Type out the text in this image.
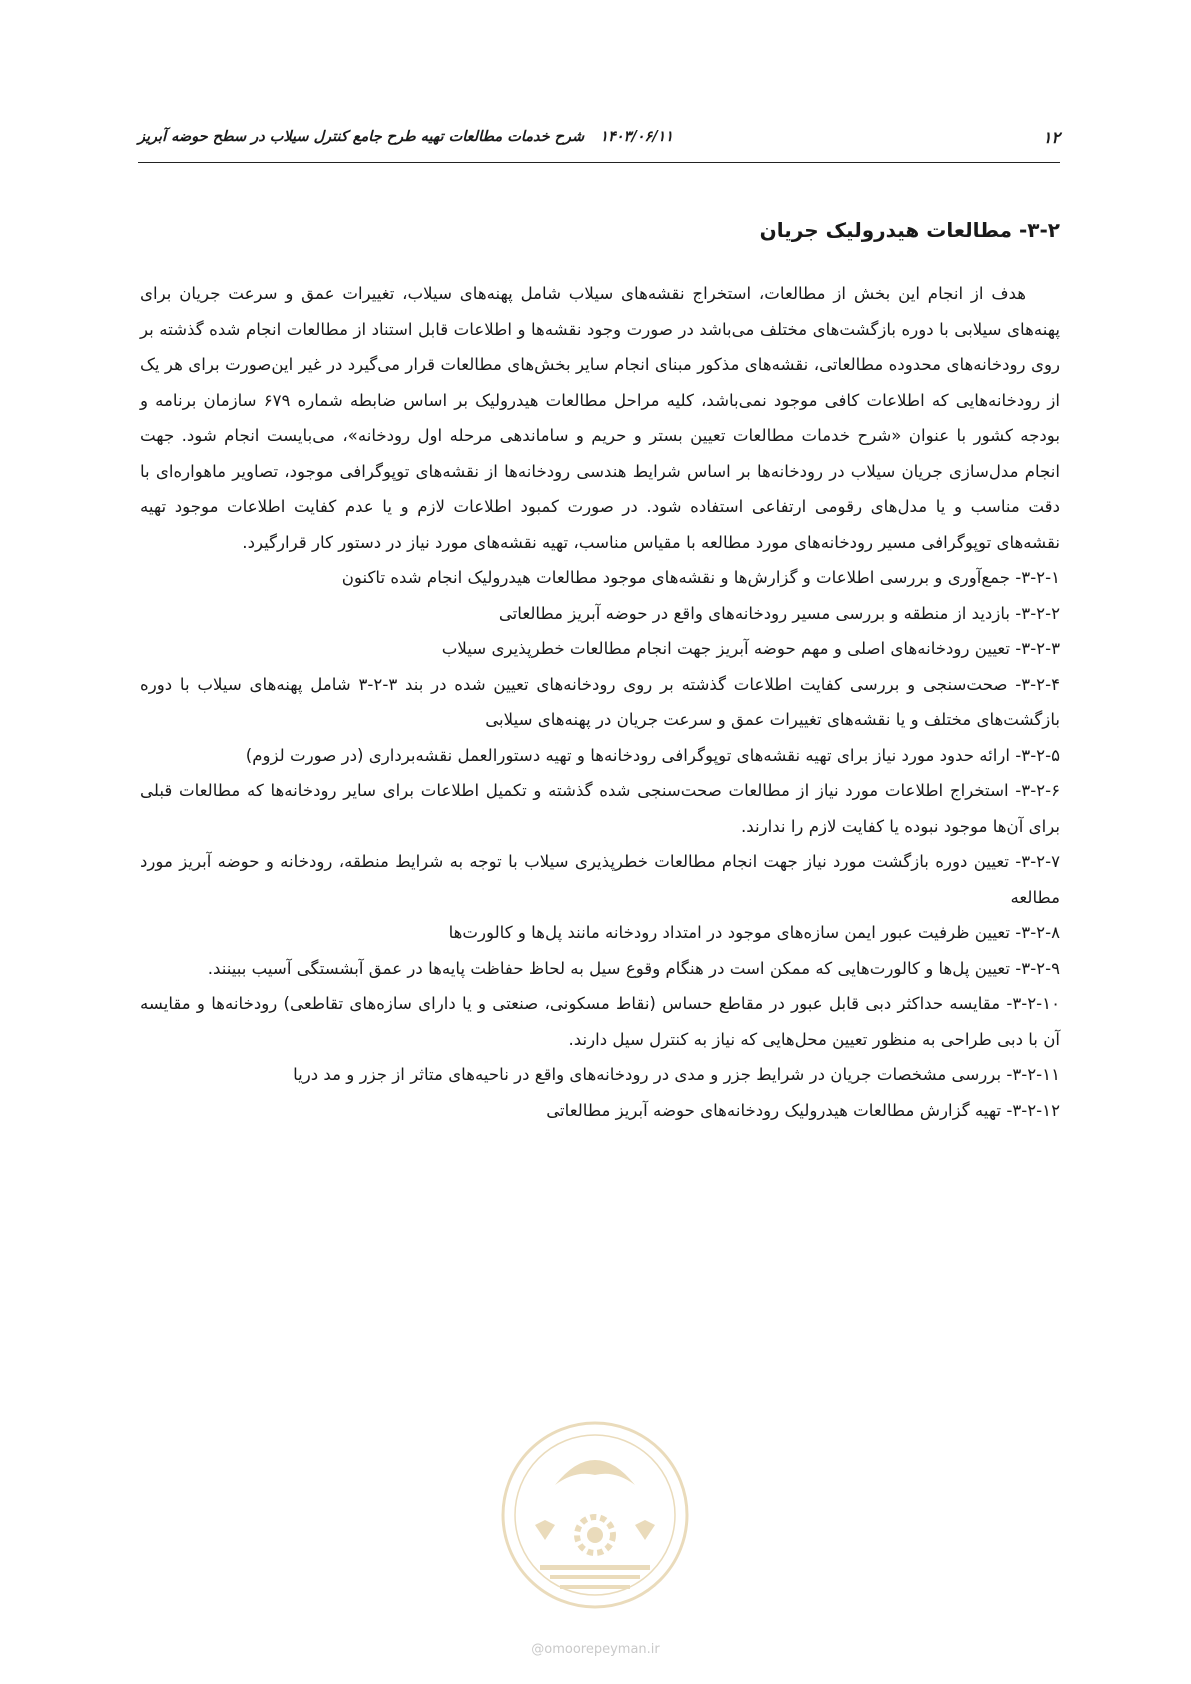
۱۲
۱۴۰۳/۰۶/۱۱شرح خدمات مطالعات تهیه طرح جامع کنترل سیلاب در سطح حوضه آبریز
۳-۲- مطالعات هیدرولیک جریان

هدف از انجام این بخش از مطالعات، استخراج نقشه‌های سیلاب شامل پهنه‌های سیلاب، تغییرات عمق و سرعت جریان برای پهنه‌های سیلابی با دوره بازگشت‌های مختلف می‌باشد در صورت وجود نقشه‌ها و اطلاعات قابل استناد از مطالعات انجام شده گذشته بر روی رودخانه‌های محدوده مطالعاتی، نقشه‌های مذکور مبنای انجام سایر بخش‌های مطالعات قرار می‌گیرد در غیر این‌صورت برای هر یک از رودخانه‌هایی که اطلاعات کافی موجود نمی‌باشد، کلیه مراحل مطالعات هیدرولیک بر اساس ضابطه شماره ۶۷۹ سازمان برنامه و بودجه کشور با عنوان «شرح خدمات مطالعات تعیین بستر و حریم و ساماندهی مرحله اول رودخانه»، می‌بایست انجام شود. جهت انجام مدل‌سازی جریان سیلاب در رودخانه‌ها بر اساس شرایط هندسی رودخانه‌ها از نقشه‌های توپوگرافی موجود، تصاویر ماهواره‌ای با دقت مناسب و یا مدل‌های رقومی ارتفاعی استفاده شود. در صورت کمبود اطلاعات لازم و یا عدم کفایت اطلاعات موجود تهیه نقشه‌های توپوگرافی مسیر رودخانه‌های مورد مطالعه با مقیاس مناسب، تهیه نقشه‌های مورد نیاز در دستور کار قرارگیرد.

۳-۲-۱- جمع‌آوری و بررسی اطلاعات و گزارش‌ها و نقشه‌های موجود مطالعات هیدرولیک انجام شده تاکنون

۳-۲-۲- بازدید از منطقه و بررسی مسیر رودخانه‌های واقع در حوضه آبریز مطالعاتی

۳-۲-۳- تعیین رودخانه‌های اصلی و مهم حوضه آبریز جهت انجام مطالعات خطرپذیری سیلاب

۳-۲-۴- صحت‌سنجی و بررسی کفایت اطلاعات گذشته بر روی رودخانه‌های تعیین شده در بند ۳-۲-۳ شامل پهنه‌های سیلاب با دوره بازگشت‌های مختلف و یا نقشه‌های تغییرات عمق و سرعت جریان در پهنه‌های سیلابی

۳-۲-۵- ارائه حدود مورد نیاز برای تهیه نقشه‌های توپوگرافی رودخانه‌ها و تهیه دستورالعمل نقشه‌برداری (در صورت لزوم)

۳-۲-۶- استخراج اطلاعات مورد نیاز از مطالعات صحت‌سنجی شده گذشته و تکمیل اطلاعات برای سایر رودخانه‌ها که مطالعات قبلی برای آن‌ها موجود نبوده یا کفایت لازم را ندارند.

۳-۲-۷- تعیین دوره بازگشت مورد نیاز جهت انجام مطالعات خطرپذیری سیلاب با توجه به شرایط منطقه، رودخانه و حوضه آبریز مورد مطالعه

۳-۲-۸- تعیین ظرفیت عبور ایمن سازه‌های موجود در امتداد رودخانه مانند پل‌ها و کالورت‌ها

۳-۲-۹- تعیین پل‌ها و کالورت‌هایی که ممکن است در هنگام وقوع سیل به لحاظ حفاظت پایه‌ها در عمق آبشستگی آسیب ببینند.

۳-۲-۱۰- مقایسه حداکثر دبی قابل عبور در مقاطع حساس (نقاط مسکونی، صنعتی و یا دارای سازه‌های تقاطعی) رودخانه‌ها و مقایسه آن با دبی طراحی به منظور تعیین محل‌هایی که نیاز به کنترل سیل دارند.

۳-۲-۱۱- بررسی مشخصات جریان در شرایط جزر و مدی در رودخانه‌های واقع در ناحیه‌های متاثر از جزر و مد دریا

۳-۲-۱۲- تهیه گزارش مطالعات هیدرولیک رودخانه‌های حوضه آبریز مطالعاتی

@omoorepeyman.ir
